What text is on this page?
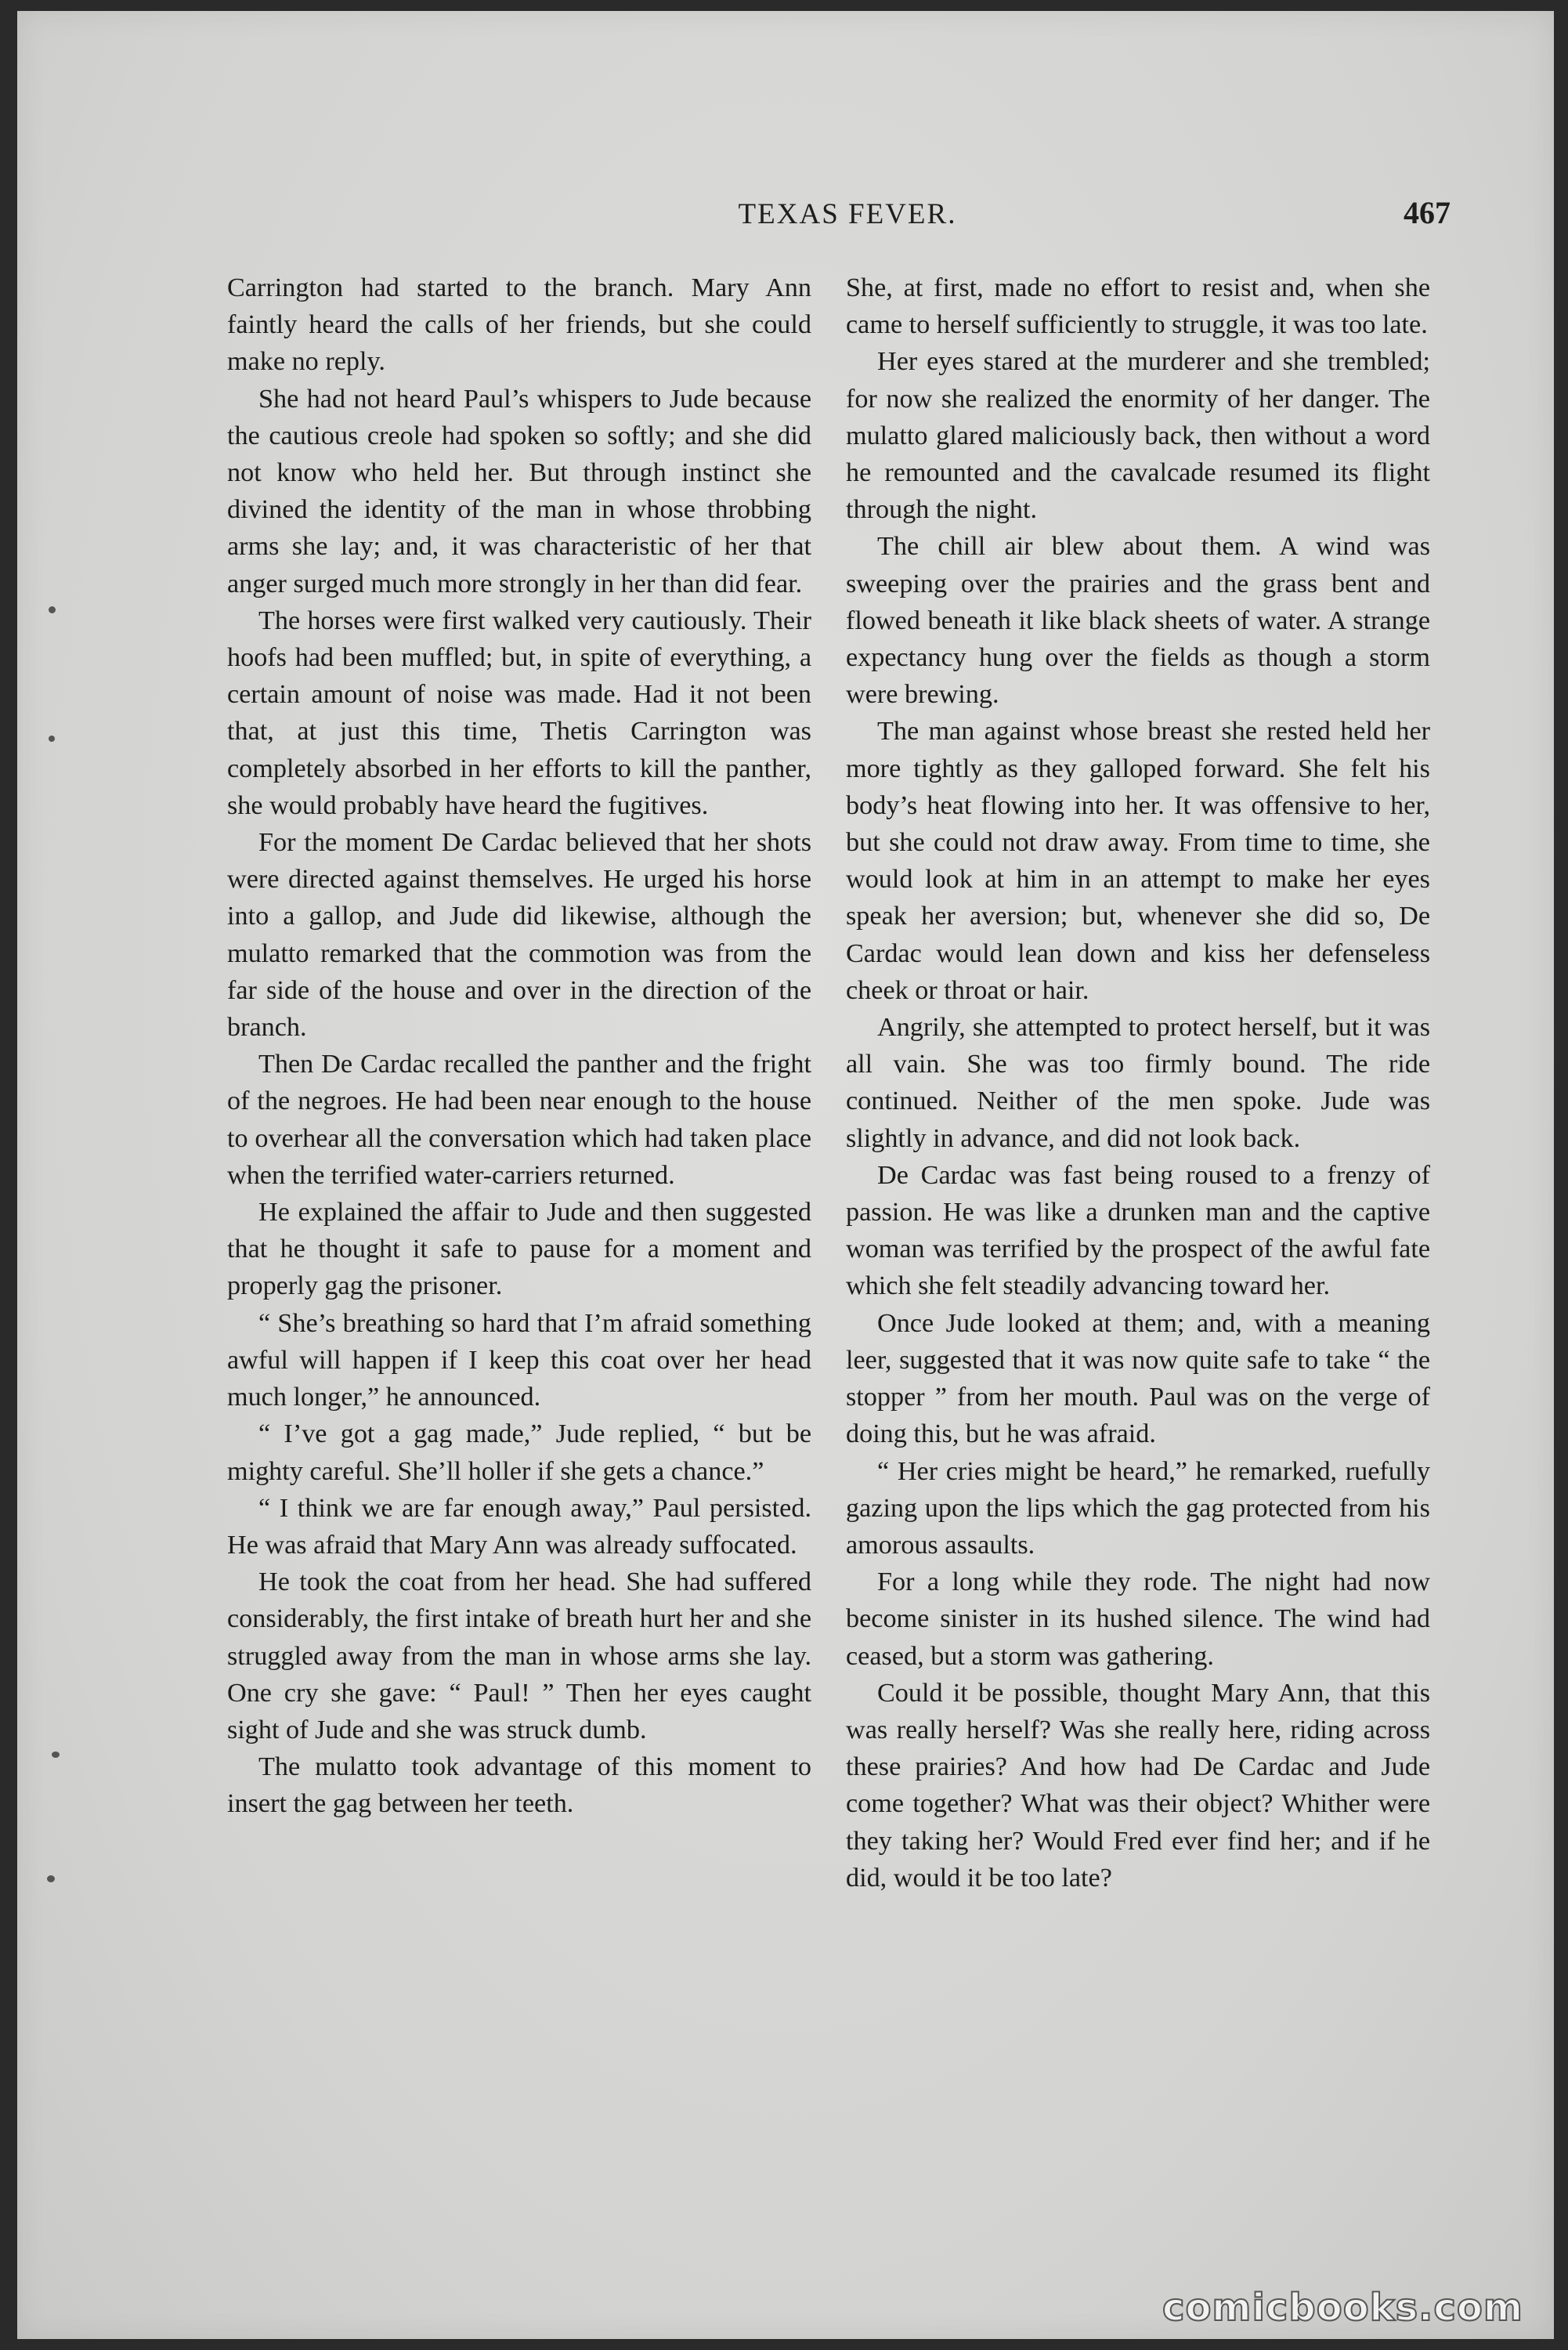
TEXAS FEVER.	467

Carrington had started to the branch. Mary Ann faintly heard the calls of her friends, but she could make no reply.

She had not heard Paul’s whispers to Jude because the cautious creole had spoken so softly; and she did not know who held her. But through instinct she divined the identity of the man in whose throbbing arms she lay; and, it was characteristic of her that anger surged much more strongly in her than did fear.

The horses were first walked very cautiously. Their hoofs had been muffled; but, in spite of everything, a certain amount of noise was made. Had it not been that, at just this time, Thetis Carrington was completely absorbed in her efforts to kill the panther, she would probably have heard the fugitives.

For the moment De Cardac believed that her shots were directed against themselves. He urged his horse into a gallop, and Jude did likewise, although the mulatto remarked that the commotion was from the far side of the house and over in the direction of the branch.

Then De Cardac recalled the panther and the fright of the negroes. He had been near enough to the house to overhear all the conversation which had taken place when the terrified water-carriers returned.

He explained the affair to Jude and then suggested that he thought it safe to pause for a moment and properly gag the prisoner.

“ She’s breathing so hard that I’m afraid something awful will happen if I keep this coat over her head much longer,” he announced.

“ I’ve got a gag made,” Jude replied, “ but be mighty careful. She’ll holler if she gets a chance.”

“ I think we are far enough away,” Paul persisted. He was afraid that Mary Ann was already suffocated.

He took the coat from her head. She had suffered considerably, the first intake of breath hurt her and she struggled away from the man in whose arms she lay. One cry she gave: “ Paul! ” Then her eyes caught sight of Jude and she was struck dumb.

The mulatto took advantage of this moment to insert the gag between her teeth.

She, at first, made no effort to resist and, when she came to herself sufficiently to struggle, it was too late.

Her eyes stared at the murderer and she trembled; for now she realized the enormity of her danger. The mulatto glared maliciously back, then without a word he remounted and the cavalcade resumed its flight through the night.

The chill air blew about them. A wind was sweeping over the prairies and the grass bent and flowed beneath it like black sheets of water. A strange expectancy hung over the fields as though a storm were brewing.

The man against whose breast she rested held her more tightly as they galloped forward. She felt his body’s heat flowing into her. It was offensive to her, but she could not draw away. From time to time, she would look at him in an attempt to make her eyes speak her aversion; but, whenever she did so, De Cardac would lean down and kiss her defenseless cheek or throat or hair.

Angrily, she attempted to protect herself, but it was all vain. She was too firmly bound. The ride continued. Neither of the men spoke. Jude was slightly in advance, and did not look back.

De Cardac was fast being roused to a frenzy of passion. He was like a drunken man and the captive woman was terrified by the prospect of the awful fate which she felt steadily advancing toward her.

Once Jude looked at them; and, with a meaning leer, suggested that it was now quite safe to take “ the stopper ” from her mouth. Paul was on the verge of doing this, but he was afraid.

“ Her cries might be heard,” he remarked, ruefully gazing upon the lips which the gag protected from his amorous assaults.

For a long while they rode. The night had now become sinister in its hushed silence. The wind had ceased, but a storm was gathering.

Could it be possible, thought Mary Ann, that this was really herself? Was she really here, riding across these prairies? And how had De Cardac and Jude come together? What was their object? Whither were they taking her? Would Fred ever find her; and if he did, would it be too late?

comicbooks.com
